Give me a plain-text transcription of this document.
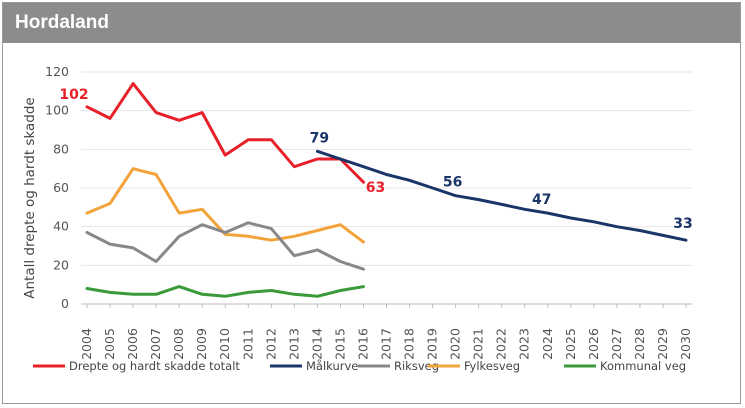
Hordaland
0
20
40
60
80
100
120
2004 2005 2006 2007 2008 2009 2010 2011 2012 2013 2014 2015 2016 2017 2018 2019 2020 2021 2022 2023 2024 2025 2026 2027 2028 2029 2030
Antall drepte og hardt skadde
102
63
79
56
47
33
Drepte og hardt skadde totalt	Målkurve	Riksveg Fylkesveg	Kommunal veg
